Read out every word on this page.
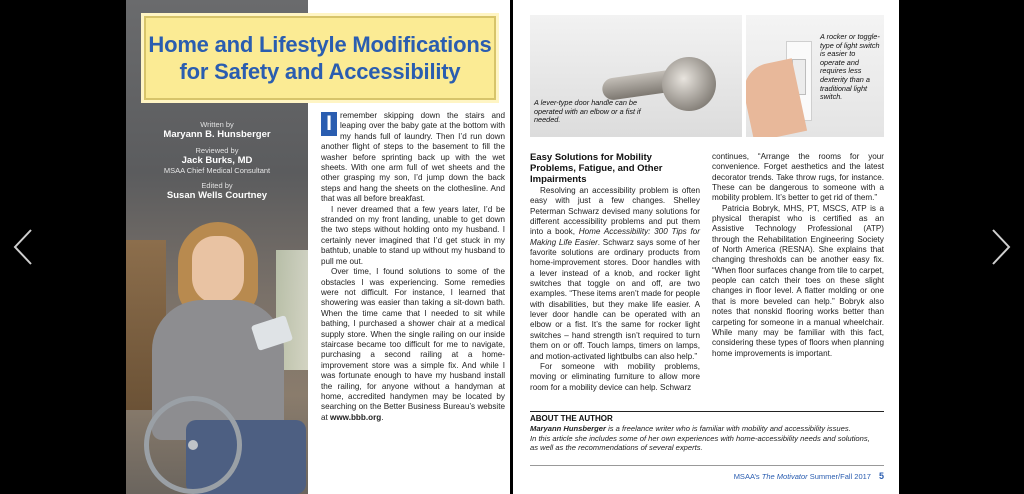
Home and Lifestyle Modifications
for Safety and Accessibility
Written by
Maryann B. Hunsberger
Reviewed by
Jack Burks, MD
MSAA Chief Medical Consultant
Edited by
Susan Wells Courtney

I remember skipping down the stairs and leaping over the baby gate at the bottom with my hands full of laundry. Then I’d run down another flight of steps to the basement to fill the washer before sprinting back up with the wet sheets. With one arm full of wet sheets and the other grasping my son, I’d jump down the back steps and hang the sheets on the clothesline. And that was all before breakfast.

I never dreamed that a few years later, I’d be stranded on my front landing, unable to get down the two steps without holding onto my husband. I certainly never imagined that I’d get stuck in my bathtub, unable to stand up without my husband to pull me out.

Over time, I found solutions to some of the obstacles I was experiencing. Some remedies were not difficult. For instance, I learned that showering was easier than taking a sit-down bath. When the time came that I needed to sit while bathing, I purchased a shower chair at a medical supply store. When the single railing on our inside staircase became too difficult for me to navigate, purchasing a second railing at a home-improvement store was a simple fix. And while I was fortunate enough to have my husband install the railing, for anyone without a handyman at home, accredited handymen may be located by searching on the Better Business Bureau’s website at www.bbb.org.

A lever-type door handle can be operated with an elbow or a fist if needed.
A rocker or toggle-type of light switch is easier to operate and requires less dexterity than a traditional light switch.
Easy Solutions for Mobility Problems, Fatigue, and Other Impairments

Resolving an accessibility problem is often easy with just a few changes. Shelley Peterman Schwarz devised many solutions for different accessibility problems and put them into a book, Home Accessibility: 300 Tips for Making Life Easier. Schwarz says some of her favorite solutions are ordinary products from home-improvement stores. Door handles with a lever instead of a knob, and rocker light switches that toggle on and off, are two examples. “These items aren’t made for people with disabilities, but they make life easier. A lever door handle can be operated with an elbow or a fist. It’s the same for rocker light switches – hand strength isn’t required to turn them on or off. Touch lamps, timers on lamps, and motion-activated lightbulbs can also help.”

For someone with mobility problems, moving or eliminating furniture to allow more room for a mobility device can help. Schwarz

continues, “Arrange the rooms for your convenience. Forget aesthetics and the latest decorator trends. Take throw rugs, for instance. These can be dangerous to someone with a mobility problem. It’s better to get rid of them.”

Patricia Bobryk, MHS, PT, MSCS, ATP is a physical therapist who is certified as an Assistive Technology Professional (ATP) through the Rehabilitation Engineering Society of North America (RESNA). She explains that changing thresholds can be another easy fix. “When floor surfaces change from tile to carpet, people can catch their toes on these slight changes in floor level. A flatter molding or one that is more beveled can help.” Bobryk also notes that nonskid flooring works better than carpeting for someone in a manual wheelchair. While many may be familiar with this fact, considering these types of floors when planning home improvements is important.

ABOUT THE AUTHOR
Maryann Hunsberger is a freelance writer who is familiar with mobility and accessibility issues.
In this article she includes some of her own experiences with home-accessibility needs and solutions,
as well as the recommendations of several experts.
MSAA’s The Motivator Summer/Fall 2017 5
